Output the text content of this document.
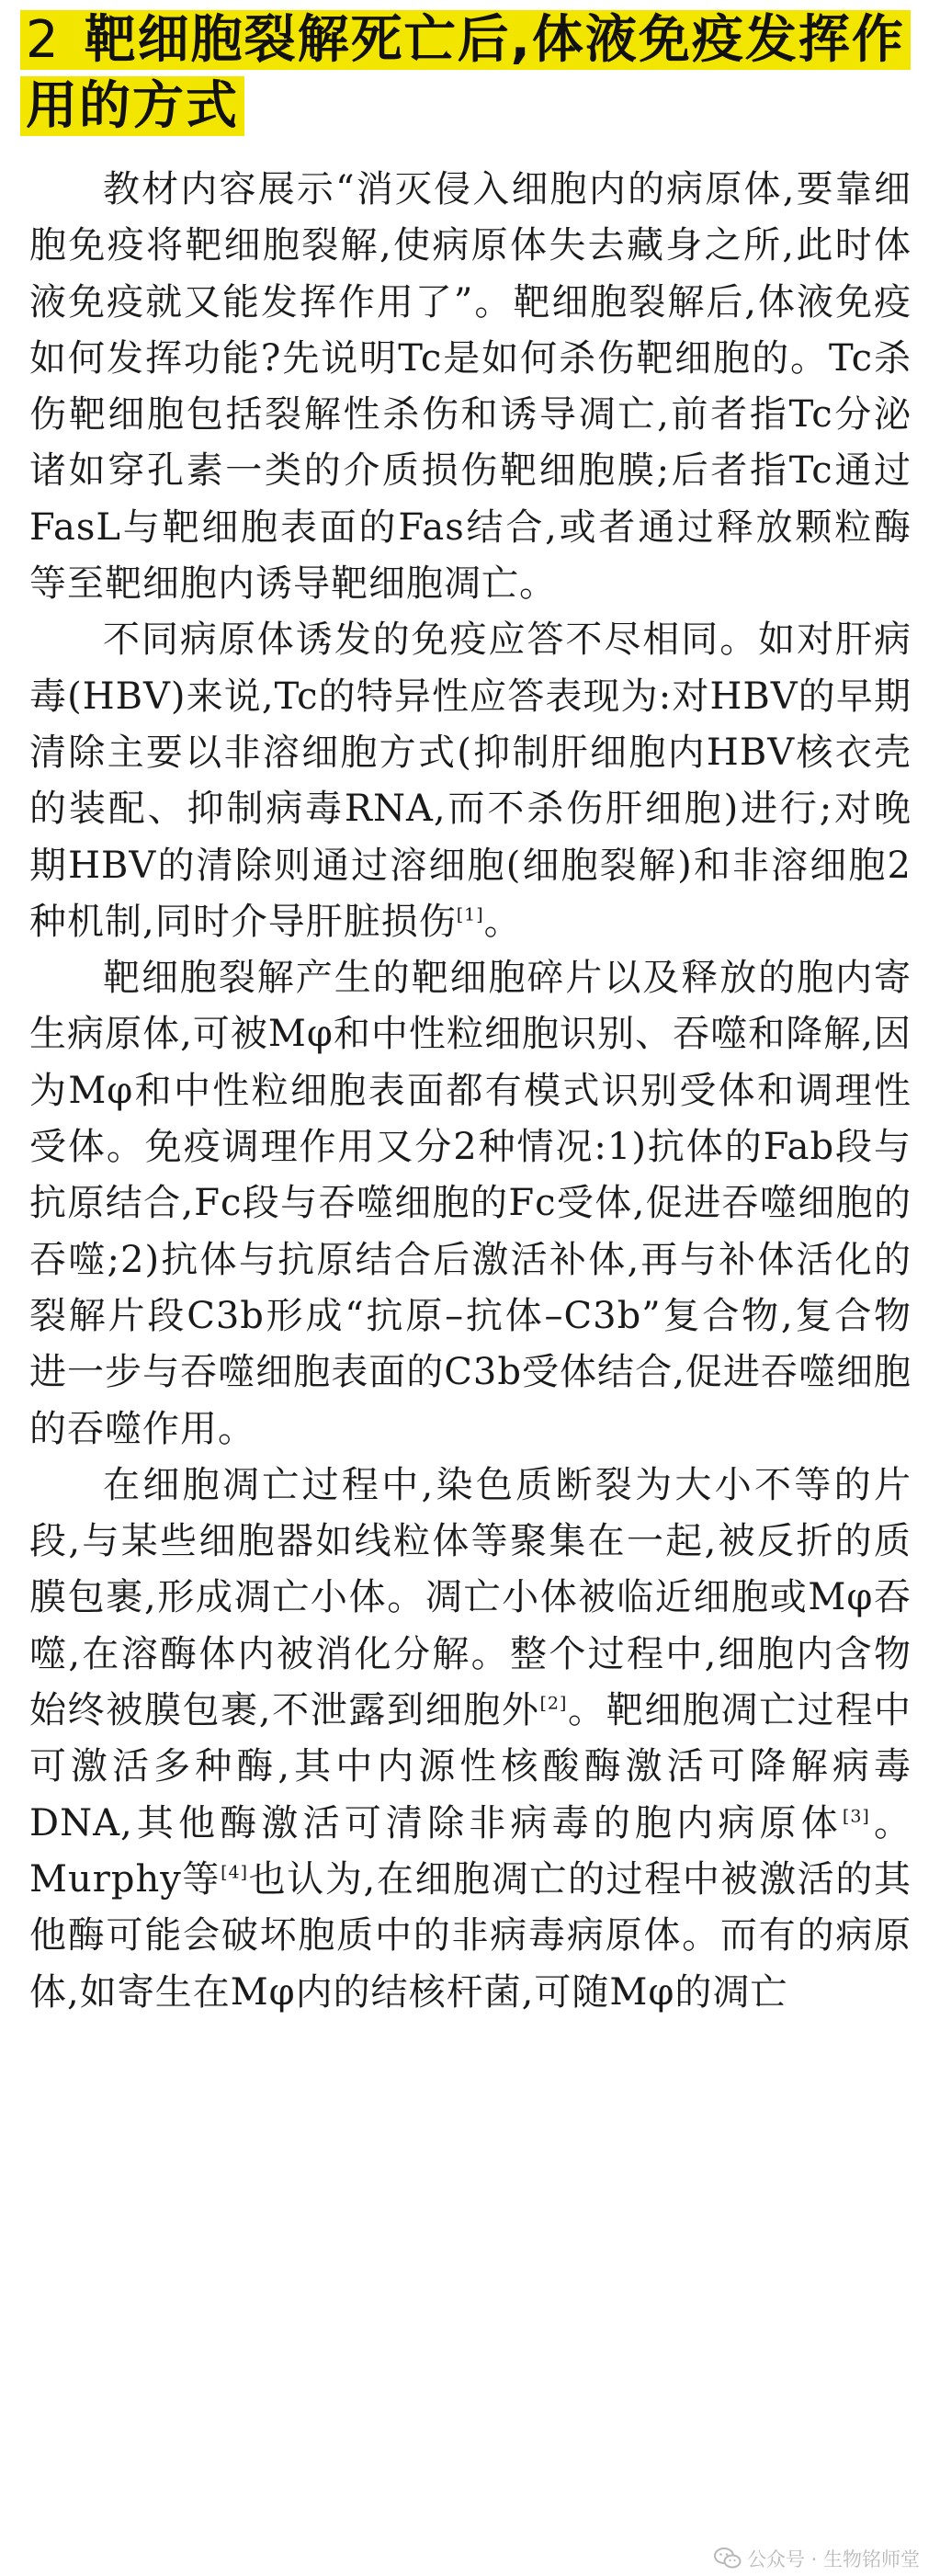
2 靶细胞裂解死亡后,体液免疫发挥作用的方式

教材内容展示“消灭侵入细胞内的病原体,要靠细胞免疫将靶细胞裂解,使病原体失去藏身之所,此时体液免疫就又能发挥作用了”。靶细胞裂解后,体液免疫如何发挥功能?先说明Tc是如何杀伤靶细胞的。Tc杀伤靶细胞包括裂解性杀伤和诱导凋亡,前者指Tc分泌诸如穿孔素一类的介质损伤靶细胞膜;后者指Tc通过FasL与靶细胞表面的Fas结合,或者通过释放颗粒酶等至靶细胞内诱导靶细胞凋亡。

不同病原体诱发的免疫应答不尽相同。如对肝病毒(HBV)来说,Tc的特异性应答表现为:对HBV的早期清除主要以非溶细胞方式(抑制肝细胞内HBV核衣壳的装配、抑制病毒RNA,而不杀伤肝细胞)进行;对晚期HBV的清除则通过溶细胞(细胞裂解)和非溶细胞2种机制,同时介导肝脏损伤[1]。

靶细胞裂解产生的靶细胞碎片以及释放的胞内寄生病原体,可被Mφ和中性粒细胞识别、吞噬和降解,因为Mφ和中性粒细胞表面都有模式识别受体和调理性受体。免疫调理作用又分2种情况:1)抗体的Fab段与抗原结合,Fc段与吞噬细胞的Fc受体,促进吞噬细胞的吞噬;2)抗体与抗原结合后激活补体,再与补体活化的裂解片段C3b形成“抗原–抗体–C3b”复合物,复合物进一步与吞噬细胞表面的C3b受体结合,促进吞噬细胞的吞噬作用。

在细胞凋亡过程中,染色质断裂为大小不等的片段,与某些细胞器如线粒体等聚集在一起,被反折的质膜包裹,形成凋亡小体。凋亡小体被临近细胞或Mφ吞噬,在溶酶体内被消化分解。整个过程中,细胞内含物始终被膜包裹,不泄露到细胞外[2]。靶细胞凋亡过程中可激活多种酶,其中内源性核酸酶激活可降解病毒DNA,其他酶激活可清除非病毒的胞内病原体[3]。Murphy等[4]也认为,在细胞凋亡的过程中被激活的其他酶可能会破坏胞质中的非病毒病原体。而有的病原体,如寄生在Mφ内的结核杆菌,可随Mφ的凋亡

公众号 · 生物铭师堂
